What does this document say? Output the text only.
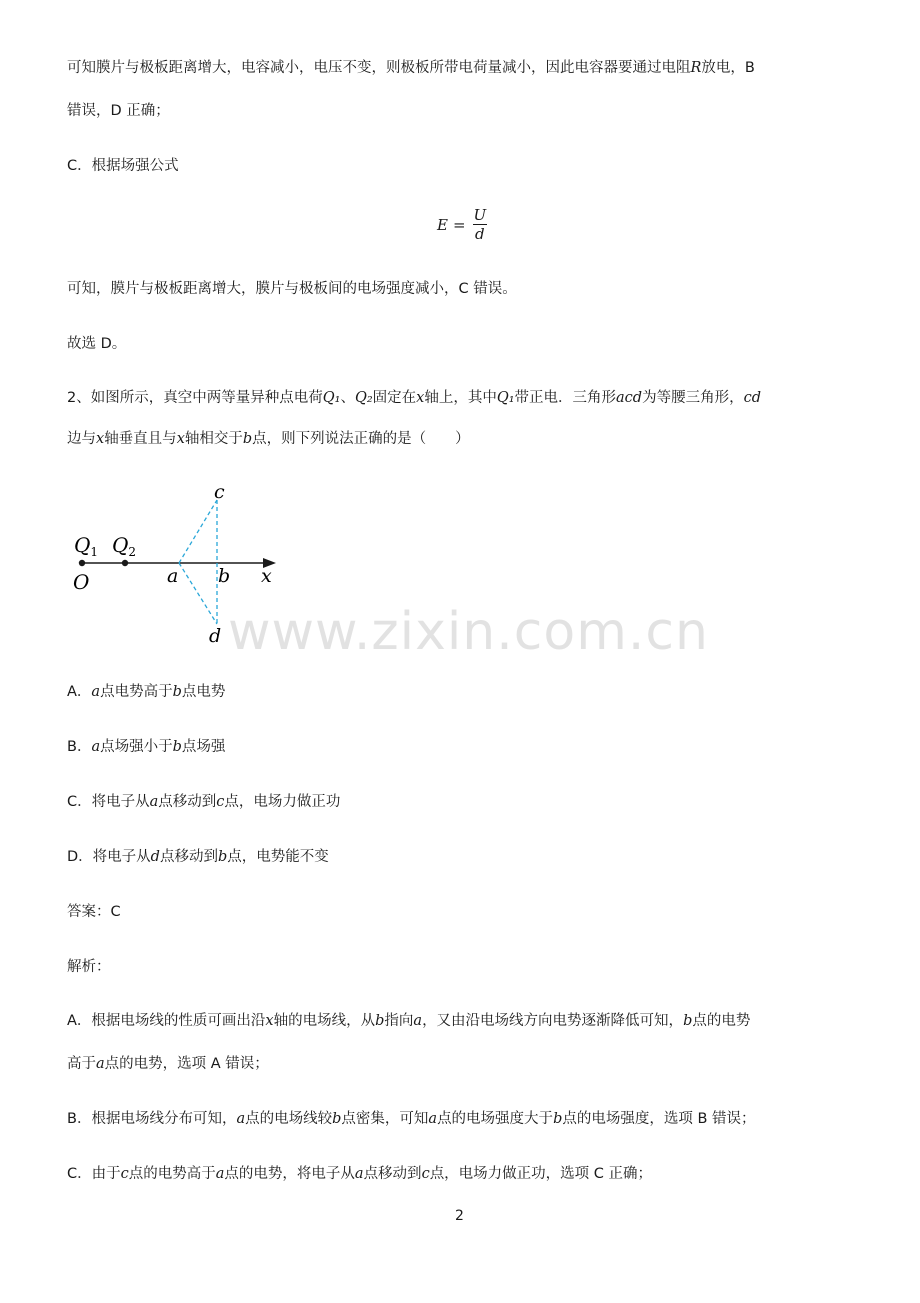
可知膜片与极板距离增大，电容减小，电压不变，则极板所带电荷量减小，因此电容器要通过电阻R放电，B
错误，D 正确；
C．根据场强公式
$E = \frac{U}{d}$
可知，膜片与极板距离增大，膜片与极板间的电场强度减小，C 错误。
故选 D。
2、如图所示，真空中两等量异种点电荷Q₁、Q₂固定在x轴上，其中Q₁带正电．三角形acd为等腰三角形，cd
边与x轴垂直且与x轴相交于b点，则下列说法正确的是（　　）
$Q_1$ $Q_2$
O	a b
c
d
x
www.zixin.com.cn
A．a点电势高于b点电势
B．a点场强小于b点场强
C．将电子从a点移动到c点，电场力做正功
D．将电子从d点移动到b点，电势能不变
答案：C
解析：
A．根据电场线的性质可画出沿x轴的电场线，从b指向a，又由沿电场线方向电势逐渐降低可知，b点的电势
高于a点的电势，选项 A 错误；
B．根据电场线分布可知，a点的电场线较b点密集，可知a点的电场强度大于b点的电场强度，选项 B 错误；
C．由于c点的电势高于a点的电势，将电子从a点移动到c点，电场力做正功，选项 C 正确；
2
